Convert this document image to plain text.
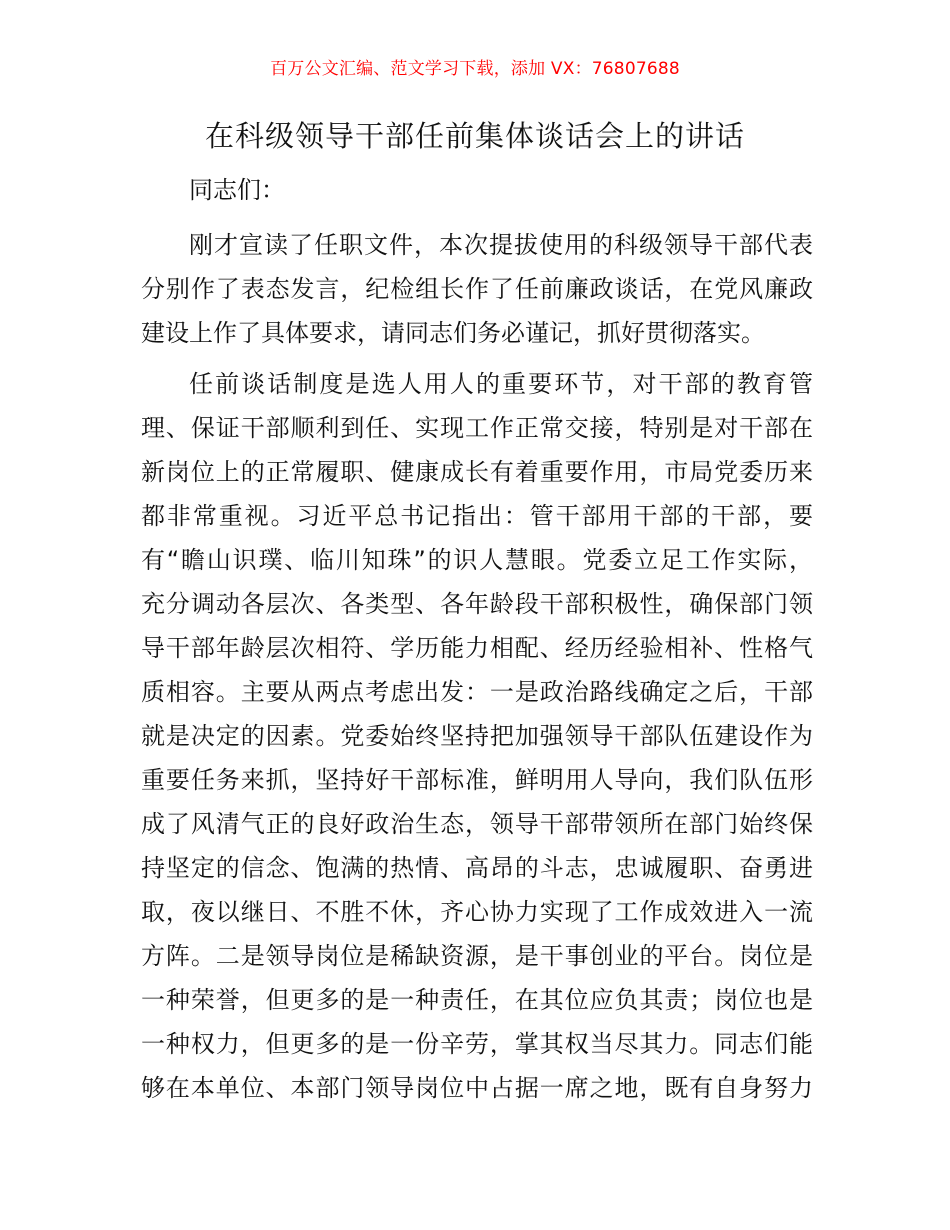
百万公文汇编、范文学习下载，添加 VX：76807688
在科级领导干部任前集体谈话会上的讲话
同志们：
刚才宣读了任职文件，本次提拔使用的科级领导干部代表
分别作了表态发言，纪检组长作了任前廉政谈话，在党风廉政
建设上作了具体要求，请同志们务必谨记，抓好贯彻落实。
任前谈话制度是选人用人的重要环节，对干部的教育管
理、保证干部顺利到任、实现工作正常交接，特别是对干部在
新岗位上的正常履职、健康成长有着重要作用，市局党委历来
都非常重视。习近平总书记指出：管干部用干部的干部，要
有“瞻山识璞、临川知珠”的识人慧眼。党委立足工作实际，
充分调动各层次、各类型、各年龄段干部积极性，确保部门领
导干部年龄层次相符、学历能力相配、经历经验相补、性格气
质相容。主要从两点考虑出发：一是政治路线确定之后，干部
就是决定的因素。党委始终坚持把加强领导干部队伍建设作为
重要任务来抓，坚持好干部标准，鲜明用人导向，我们队伍形
成了风清气正的良好政治生态，领导干部带领所在部门始终保
持坚定的信念、饱满的热情、高昂的斗志，忠诚履职、奋勇进
取，夜以继日、不胜不休，齐心协力实现了工作成效进入一流
方阵。二是领导岗位是稀缺资源，是干事创业的平台。岗位是
一种荣誉，但更多的是一种责任，在其位应负其责；岗位也是
一种权力，但更多的是一份辛劳，掌其权当尽其力。同志们能
够在本单位、本部门领导岗位中占据一席之地，既有自身努力
